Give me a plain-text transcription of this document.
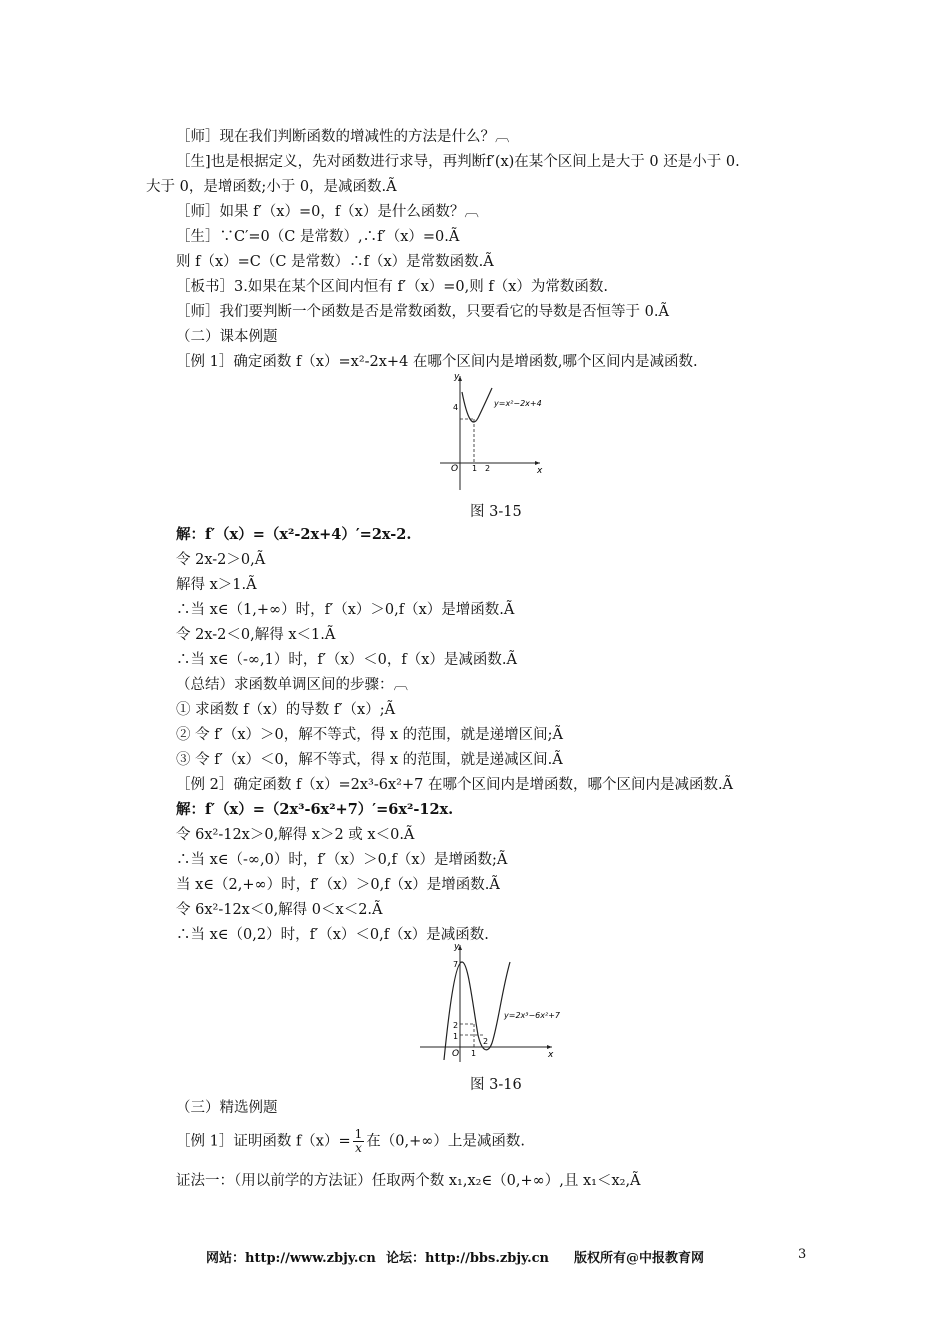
［师］现在我们判断函数的增减性的方法是什么？︹
［生]也是根据定义，先对函数进行求导，再判断f′(x)在某个区间上是大于 0 还是小于 0.
大于 0，是增函数;小于 0，是减函数.Ã
［师］如果 f′（x）=0，f（x）是什么函数？︹
［生］∵C′=0（C 是常数）,∴f′（x）=0.Ã
则 f（x）=C（C 是常数）∴f（x）是常数函数.Ã
［板书］3.如果在某个区间内恒有 f′（x）=0,则 f（x）为常数函数.
［师］我们要判断一个函数是否是常数函数，只要看它的导数是否恒等于 0.Ã
（二）课本例题
［例 1］确定函数 f（x）=x²-2x+4 在哪个区间内是增函数,哪个区间内是减函数.
y
x
O
4
1 2
y=x²−2x+4
图 3-15
解：f′（x）=（x²-2x+4）′=2x-2.
令 2x-2＞0,Ã
解得 x＞1.Ã
∴当 x∈（1,+∞）时，f′（x）＞0,f（x）是增函数.Ã
令 2x-2＜0,解得 x＜1.Ã
∴当 x∈（-∞,1）时，f′（x）＜0，f（x）是减函数.Ã
（总结）求函数单调区间的步骤：︹
① 求函数 f（x）的导数 f′（x）;Ã
② 令 f′（x）＞0，解不等式，得 x 的范围，就是递增区间;Ã
③ 令 f′（x）＜0，解不等式，得 x 的范围，就是递减区间.Ã
［例 2］确定函数 f（x）=2x³-6x²+7 在哪个区间内是增函数，哪个区间内是减函数.Ã
解：f′（x）=（2x³-6x²+7）′=6x²-12x.
令 6x²-12x＞0,解得 x＞2 或 x＜0.Ã
∴当 x∈（-∞,0）时，f′（x）＞0,f（x）是增函数;Ã
当 x∈（2,+∞）时，f′（x）＞0,f（x）是增函数.Ã
令 6x²-12x＜0,解得 0＜x＜2.Ã
∴当 x∈（0,2）时，f′（x）＜0,f（x）是减函数.
y
x
O
7
2
1
1
2
y=2x³−6x²+7
图 3-16
（三）精选例题
［例 1］证明函数 $f(x)= \frac{1}{x}$ 在（0,+∞）上是减函数.
证法一：（用以前学的方法证）任取两个数 x₁,x₂∈（0,+∞）,且 x₁＜x₂,Ã
网站：http://www.zbjy.cn 论坛：http://bbs.zbjy.cn 版权所有@中报教育网	3
